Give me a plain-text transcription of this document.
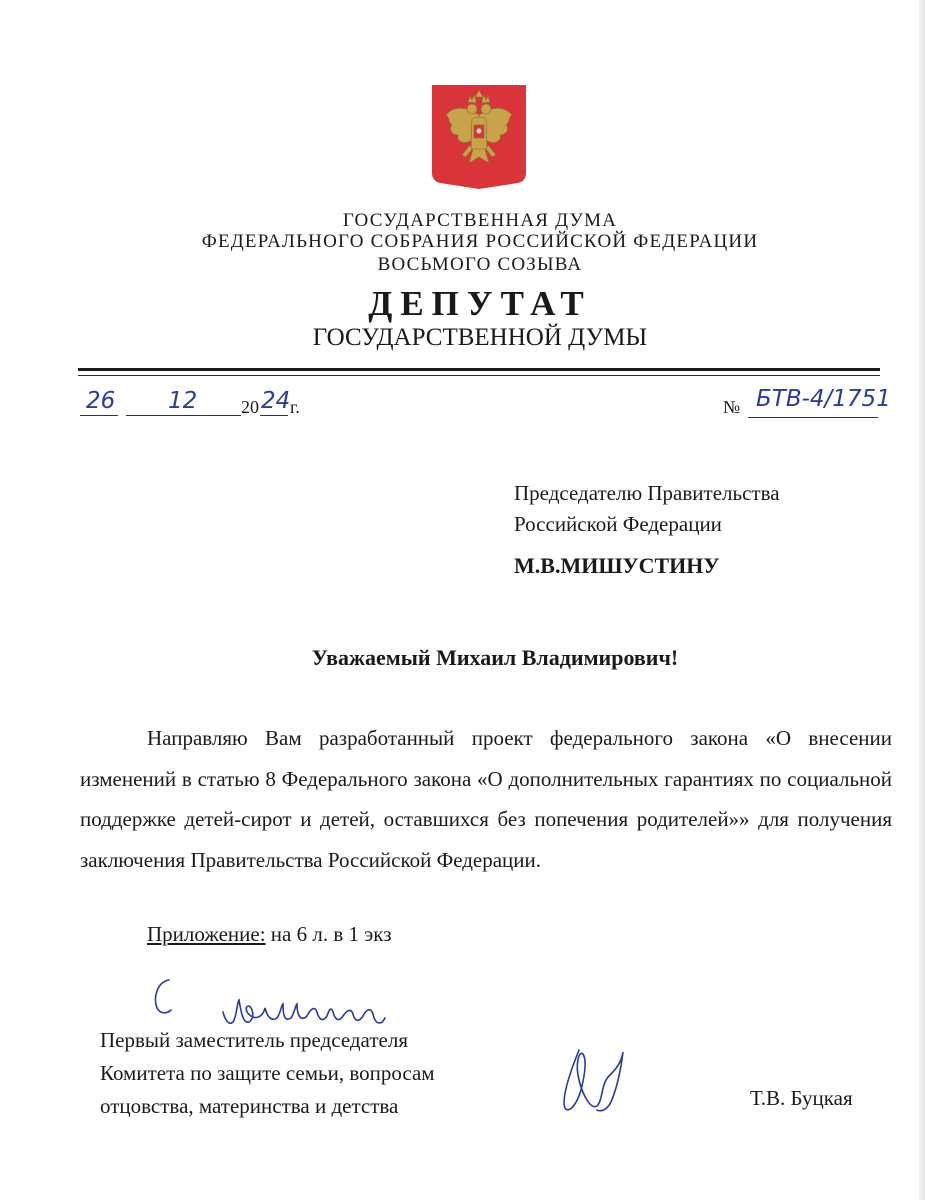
ГОСУДАРСТВЕННАЯ ДУМА
ФЕДЕРАЛЬНОГО СОБРАНИЯ РОССИЙСКОЙ ФЕДЕРАЦИИ
ВОСЬМОГО СОЗЫВА
ДЕПУТАТ
ГОСУДАРСТВЕННОЙ ДУМЫ
26 12 20 24 г.	№ БТВ-4/1751
Председателю Правительства
Российской Федерации
М.В.МИШУСТИНУ
Уважаемый Михаил Владимирович!
Направляю Вам разработанный проект федерального закона «О внесении изменений в статью 8 Федерального закона «О дополнительных гарантиях по социальной поддержке детей-сирот и детей, оставшихся без попечения родителей»» для получения заключения Правительства Российской Федерации.
Приложение: на 6 л. в 1 экз
Первый заместитель председателя
Комитета по защите семьи, вопросам
отцовства, материнства и детства	Т.В. Буцкая
